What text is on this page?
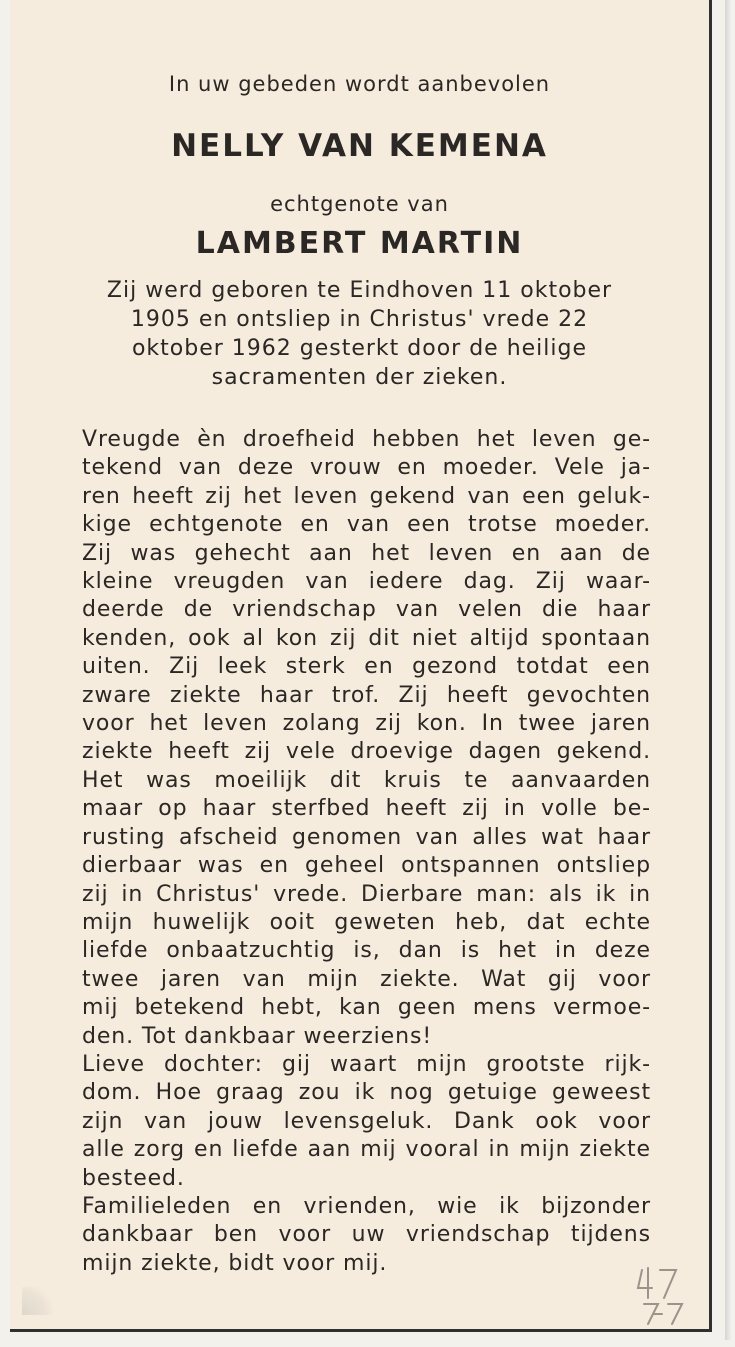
In uw gebeden wordt aanbevolen
NELLY VAN KEMENA
echtgenote van
LAMBERT MARTIN
Zij werd geboren te Eindhoven 11 oktober
1905 en ontsliep in Christus' vrede 22
oktober 1962 gesterkt door de heilige
sacramenten der zieken.
Vreugde èn droefheid hebben het leven ge-
tekend van deze vrouw en moeder. Vele ja-
ren heeft zij het leven gekend van een geluk-
kige echtgenote en van een trotse moeder.
Zij was gehecht aan het leven en aan de
kleine vreugden van iedere dag. Zij waar-
deerde de vriendschap van velen die haar
kenden, ook al kon zij dit niet altijd spontaan
uiten. Zij leek sterk en gezond totdat een
zware ziekte haar trof. Zij heeft gevochten
voor het leven zolang zij kon. In twee jaren
ziekte heeft zij vele droevige dagen gekend.
Het was moeilijk dit kruis te aanvaarden
maar op haar sterfbed heeft zij in volle be-
rusting afscheid genomen van alles wat haar
dierbaar was en geheel ontspannen ontsliep
zij in Christus' vrede. Dierbare man: als ik in
mijn huwelijk ooit geweten heb, dat echte
liefde onbaatzuchtig is, dan is het in deze
twee jaren van mijn ziekte. Wat gij voor
mij betekend hebt, kan geen mens vermoe-
den. Tot dankbaar weerziens!
Lieve dochter: gij waart mijn grootste rijk-
dom. Hoe graag zou ik nog getuige geweest
zijn van jouw levensgeluk. Dank ook voor
alle zorg en liefde aan mij vooral in mijn ziekte
besteed.
Familieleden en vrienden, wie ik bijzonder
dankbaar ben voor uw vriendschap tijdens
mijn ziekte, bidt voor mij.
